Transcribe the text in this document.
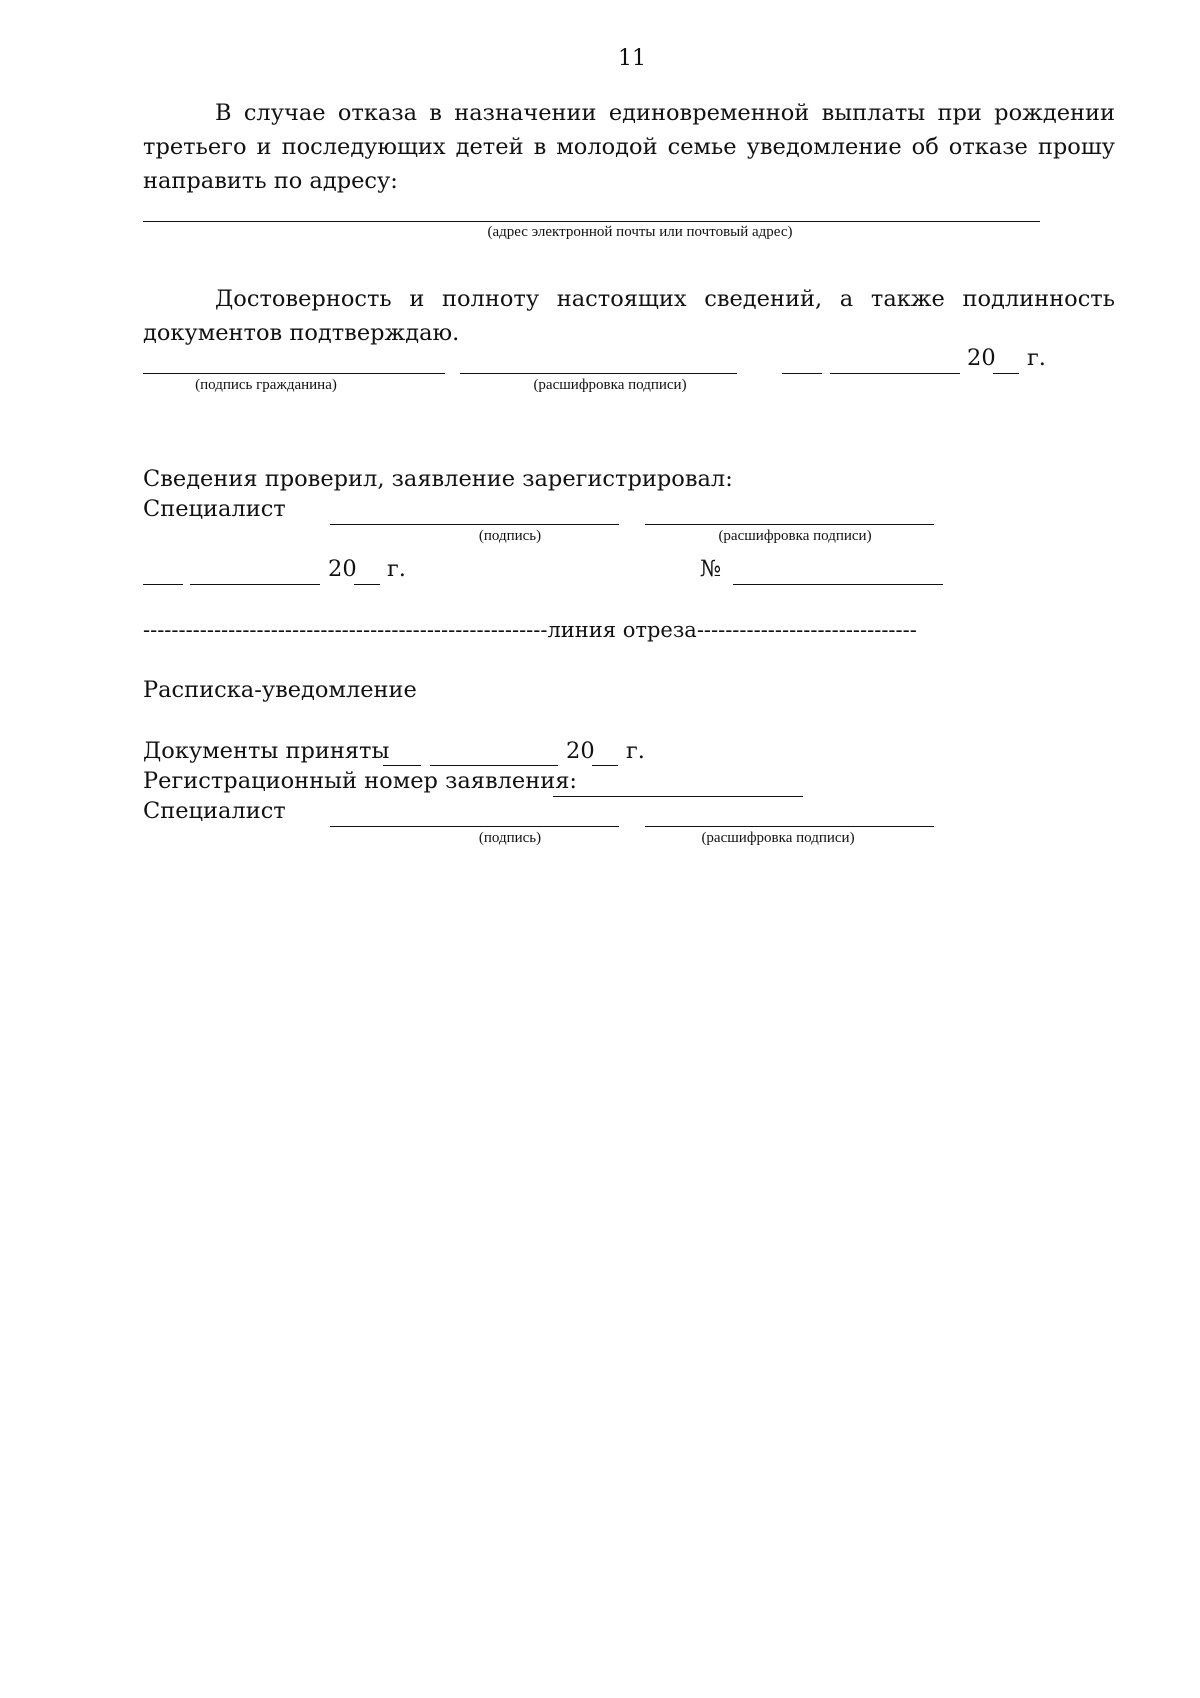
11
В случае отказа в назначении единовременной выплаты при рождении третьего и последующих детей в молодой семье уведомление об отказе прошу направить по адресу:
(адрес электронной почты или почтовый адрес)
Достоверность и полноту настоящих сведений, а также подлинность документов подтверждаю.
20 г.
(подпись гражданина)	(расшифровка подписи)
Сведения проверил, заявление зарегистрировал:
Специалист
(подпись)	(расшифровка подписи)
20 г.	№
---------------------------------------------------------линия отреза-------------------------------
Расписка-уведомление
Документы приняты	20 г.
Регистрационный номер заявления:
Специалист
(подпись)	(расшифровка подписи)
